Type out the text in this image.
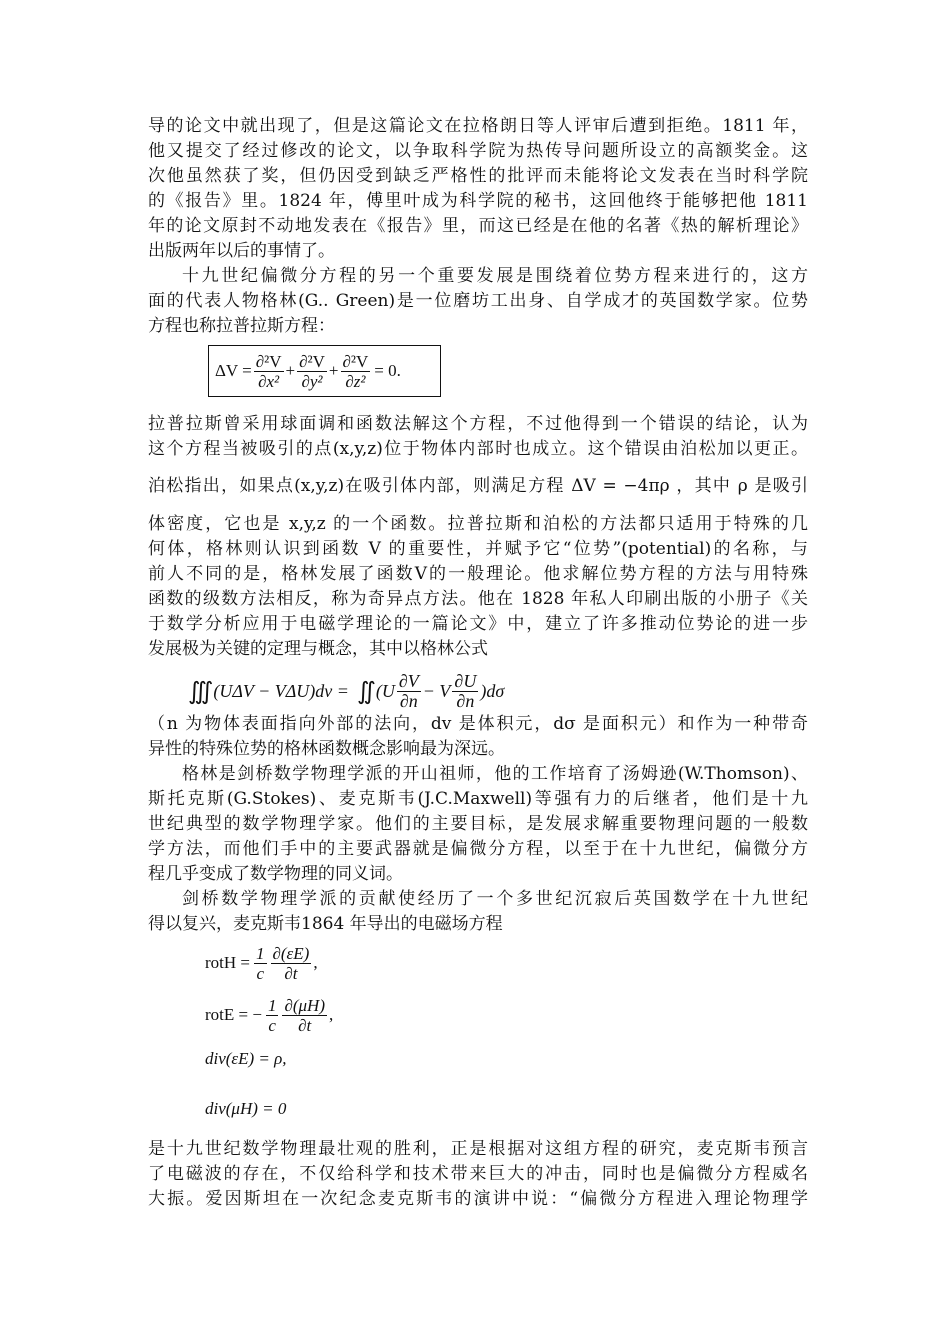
导的论文中就出现了，但是这篇论文在拉格朗日等人评审后遭到拒绝。1811 年，
他又提交了经过修改的论文，以争取科学院为热传导问题所设立的高额奖金。这
次他虽然获了奖，但仍因受到缺乏严格性的批评而未能将论文发表在当时科学院
的《报告》里。1824 年，傅里叶成为科学院的秘书，这回他终于能够把他 1811
年的论文原封不动地发表在《报告》里，而这已经是在他的名著《热的解析理论》
出版两年以后的事情了。
十九世纪偏微分方程的另一个重要发展是围绕着位势方程来进行的，这方
面的代表人物格林(G.. Green)是一位磨坊工出身、自学成才的英国数学家。位势
方程也称拉普拉斯方程：
$\Delta V = \frac{\text{∂²V}}{\text{∂x²}} + \frac{\text{∂²V}}{\text{∂y²}} + \frac{\text{∂²V}}{\text{∂z²}} = 0$.
拉普拉斯曾采用球面调和函数法解这个方程，不过他得到一个错误的结论，认为
这个方程当被吸引的点(x,y,z)位于物体内部时也成立。这个错误由泊松加以更正。
泊松指出，如果点(x,y,z)在吸引体内部，则满足方程 ΔV = −4πρ ，其中 ρ 是吸引
体密度，它也是 x,y,z 的一个函数。拉普拉斯和泊松的方法都只适用于特殊的几
何体，格林则认识到函数 V 的重要性，并赋予它“位势”(potential)的名称，与
前人不同的是，格林发展了函数V的一般理论。他求解位势方程的方法与用特殊
函数的级数方法相反，称为奇异点方法。他在 1828 年私人印刷出版的小册子《关
于数学分析应用于电磁学理论的一篇论文》中，建立了许多推动位势论的进一步
发展极为关键的定理与概念，其中以格林公式
∭ (UΔV − VΔU)dv = ∬ $(U \frac{\partial V}{\partial n} - V \frac{\partial U}{\partial n} )d\sigma$
（n 为物体表面指向外部的法向，dv 是体积元，dσ 是面积元）和作为一种带奇
异性的特殊位势的格林函数概念影响最为深远。
格林是剑桥数学物理学派的开山祖师，他的工作培育了汤姆逊(W.Thomson)、
斯托克斯(G.Stokes)、麦克斯韦(J.C.Maxwell)等强有力的后继者，他们是十九
世纪典型的数学物理学家。他们的主要目标，是发展求解重要物理问题的一般数
学方法，而他们手中的主要武器就是偏微分方程，以至于在十九世纪，偏微分方
程几乎变成了数学物理的同义词。
剑桥数学物理学派的贡献使经历了一个多世纪沉寂后英国数学在十九世纪
得以复兴，麦克斯韦1864 年导出的电磁场方程
rotH = $\frac{1}{c} \frac{\partial(\varepsilon E)}{\partial t}$ ,
rotE = − $\frac{1}{c} \frac{\partial(\mu H)}{\partial t}$ ,
div(εE) = ρ,
div(μH) = 0
是十九世纪数学物理最壮观的胜利，正是根据对这组方程的研究，麦克斯韦预言
了电磁波的存在，不仅给科学和技术带来巨大的冲击，同时也是偏微分方程威名
大振。爱因斯坦在一次纪念麦克斯韦的演讲中说：“偏微分方程进入理论物理学
